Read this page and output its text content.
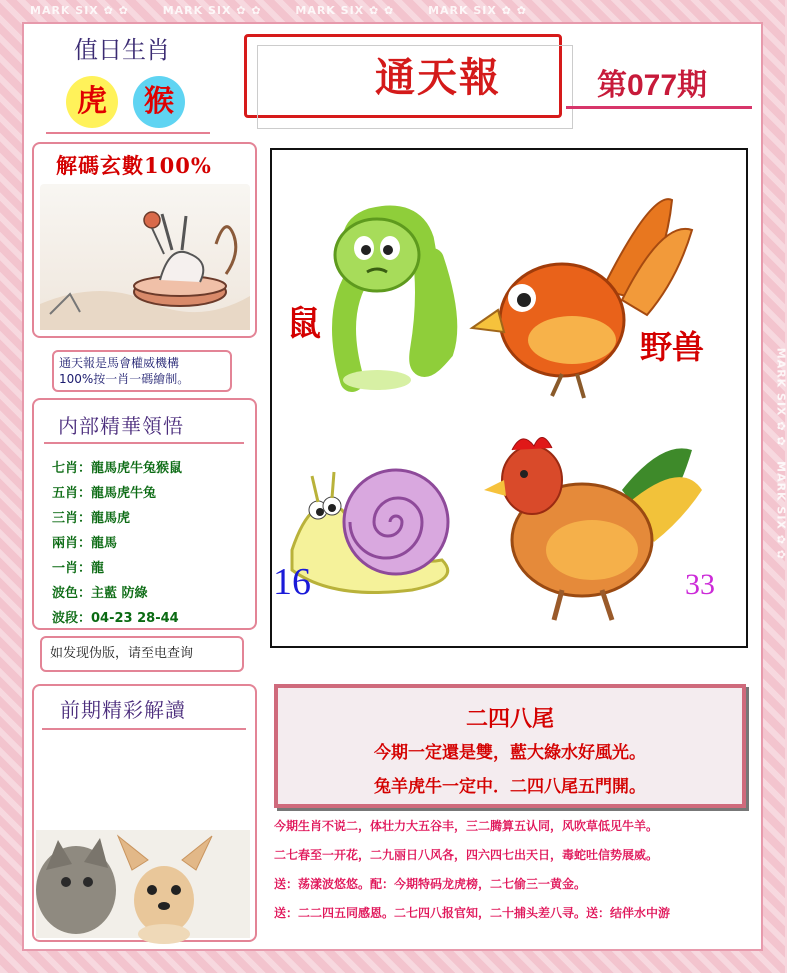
MARK SIX ✿ ✿       MARK SIX ✿ ✿       MARK SIX ✿ ✿       MARK SIX ✿ ✿
MARK SIX ✿ ✿   MARK SIX ✿ ✿
值日生肖
虎	猴
通天報	第077期
解碼玄數100%
通天報是馬會權威機構
100%按一肖一碼繪制。
内部精華領悟
七肖：龍馬虎牛兔猴鼠
五肖：龍馬虎牛兔
三肖：龍馬虎
兩肖：龍馬
一肖：龍
波色：主藍 防綠
波段：04-23 28-44
如发现伪版，请至电查询
前期精彩解讀
鼠
野兽
16	33
二四八尾
今期一定還是雙，藍大綠水好風光。
兔羊虎牛一定中．二四八尾五門開。
今期生肖不说二，体壮力大五谷丰，三二腾算五认同，风吹草低见牛羊。
二七春至一开花，二九丽日八风各，四六四七出天日，毒蛇吐信势展威。
送：荡漾波悠悠。配：今期特码龙虎榜，二七偷三一黄金。
送：二二四五同感恩。二七四八报官知，二十捕头差八寻。送：结伴水中游
